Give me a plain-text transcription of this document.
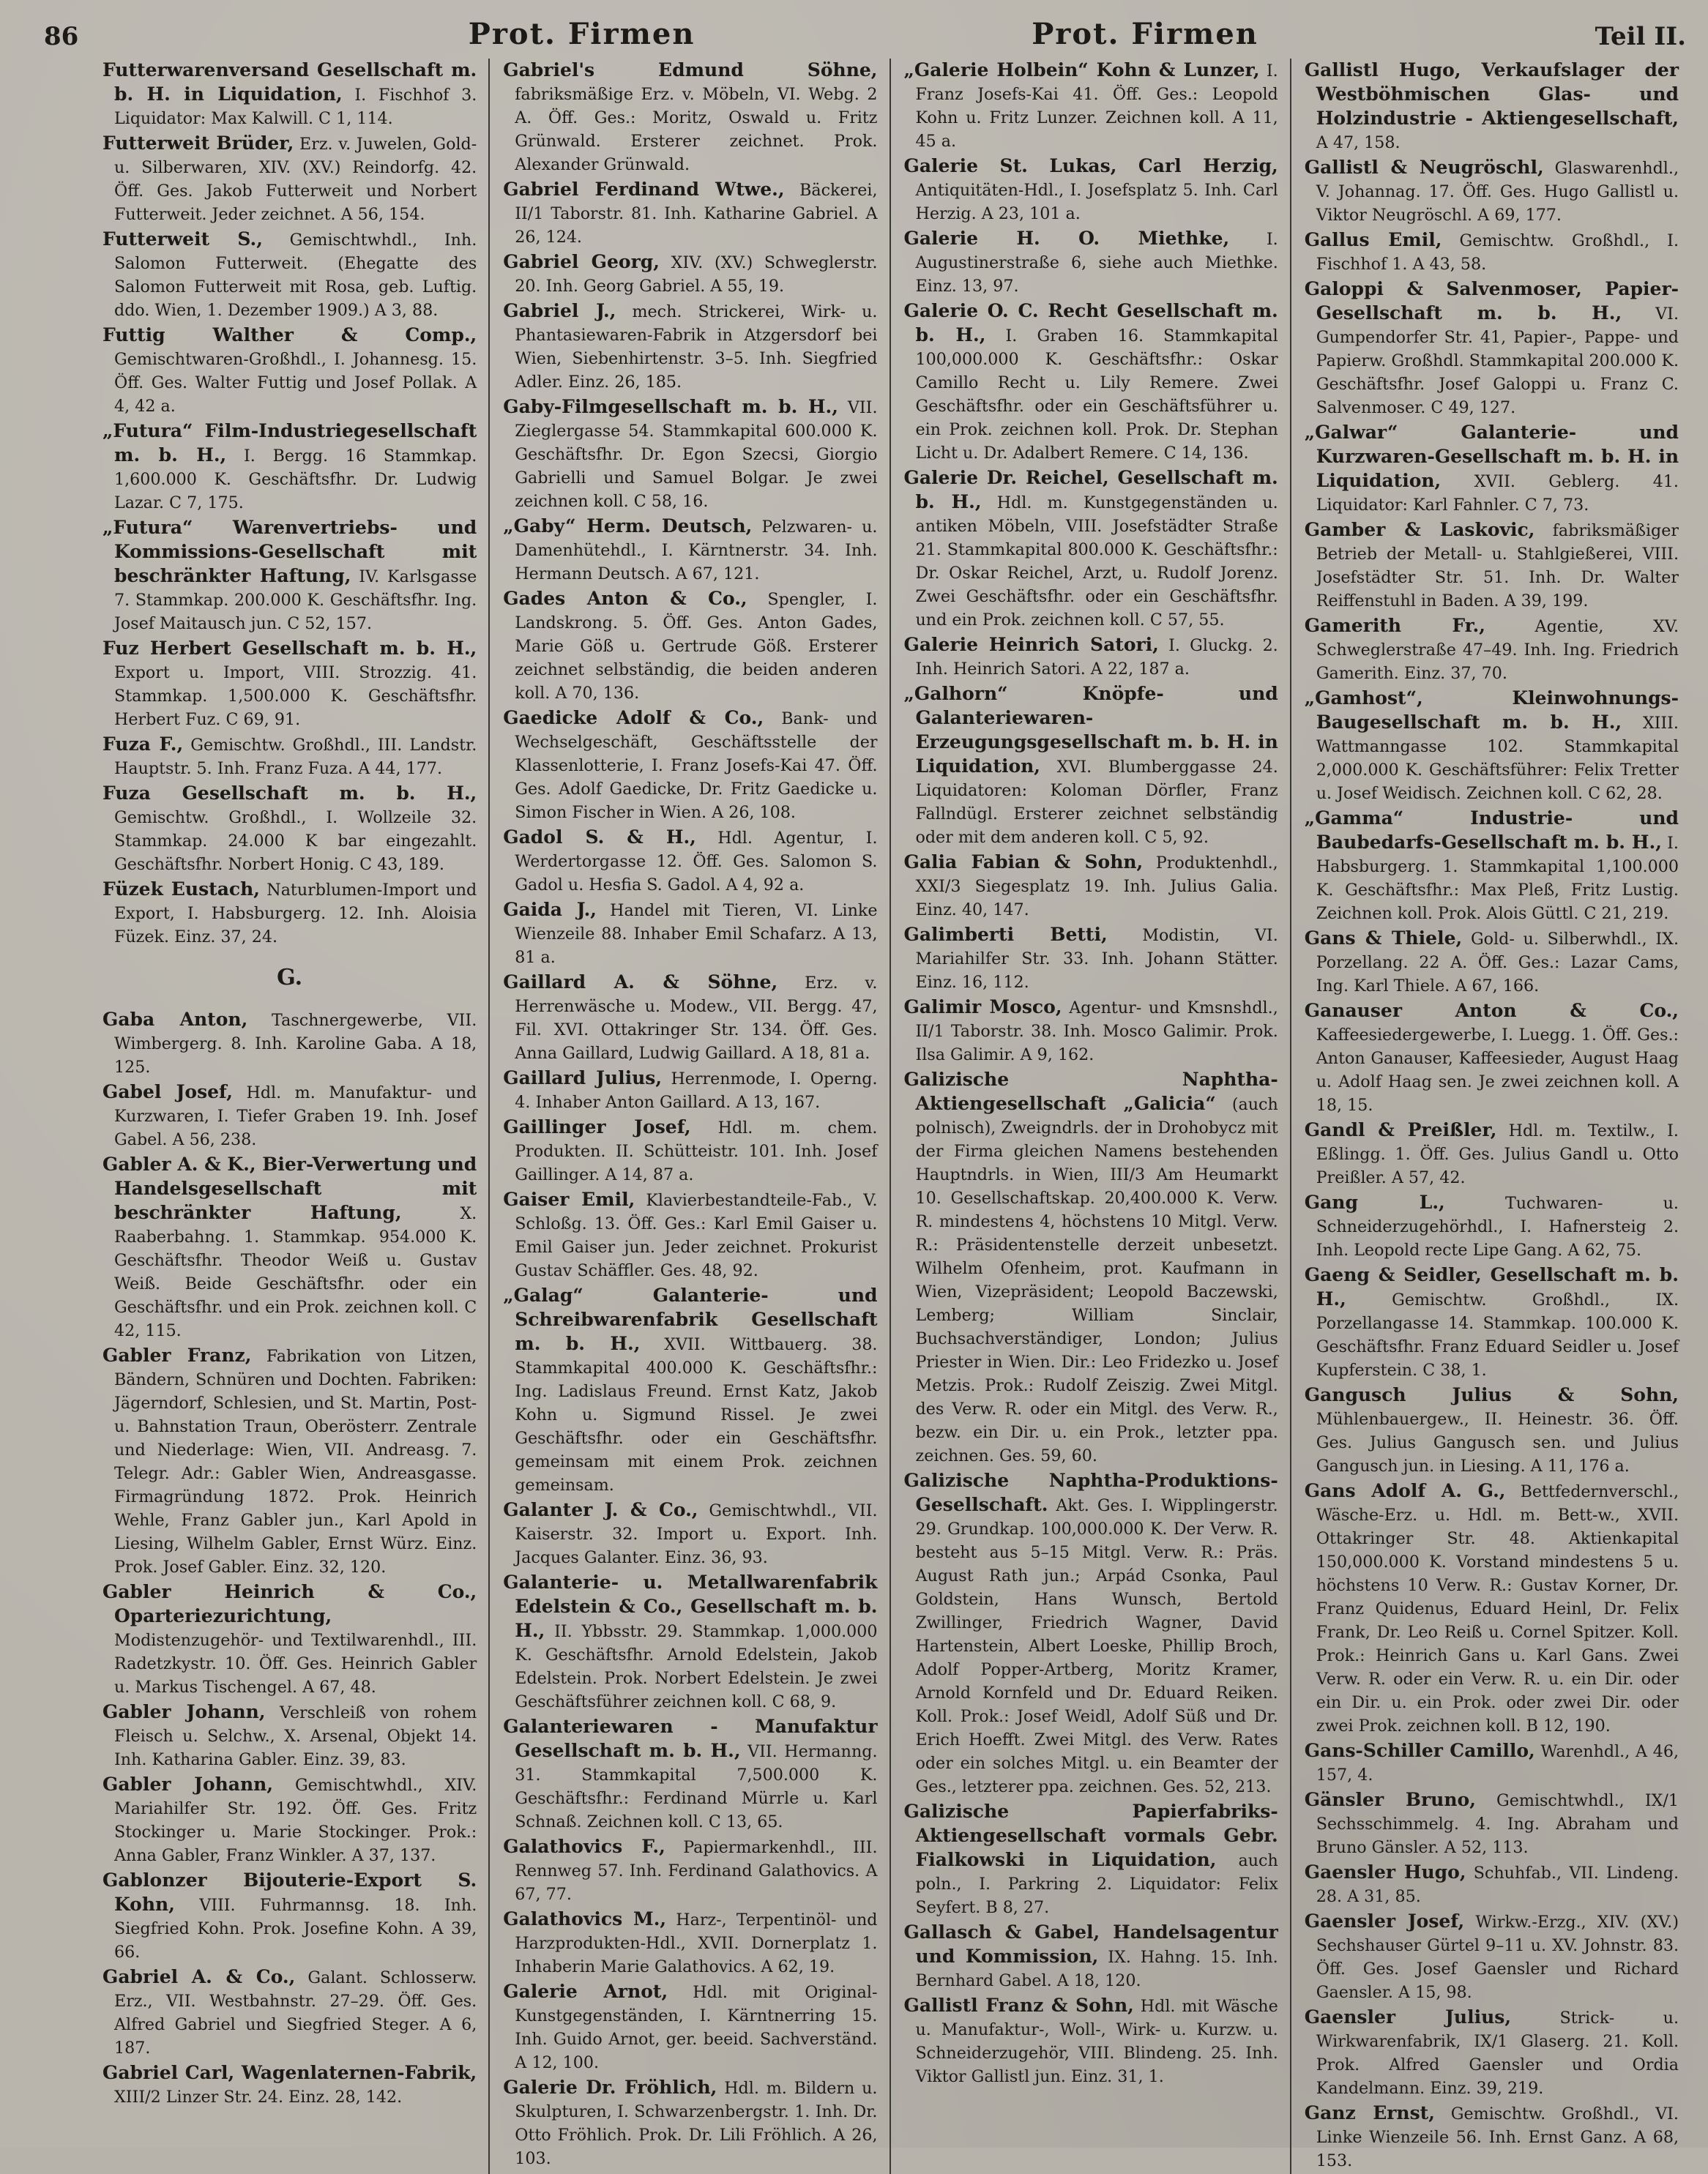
86	Prot. Firmen	Prot. Firmen	Teil II.

Futterwarenversand Gesellschaft m. b. H. in Liquidation, I. Fischhof 3. Liquidator: Max Kalwill. C 1, 114.

Futterweit Brüder, Erz. v. Juwelen, Gold- u. Silberwaren, XIV. (XV.) Reindorfg. 42. Öff. Ges. Jakob Futterweit und Norbert Futterweit. Jeder zeichnet. A 56, 154.

Futterweit S., Gemischtwhdl., Inh. Salomon Futterweit. (Ehegatte des Salomon Futterweit mit Rosa, geb. Luftig. ddo. Wien, 1. Dezember 1909.) A 3, 88.

Futtig Walther & Comp., Gemischtwaren-Großhdl., I. Johannesg. 15. Öff. Ges. Walter Futtig und Josef Pollak. A 4, 42 a.

„Futura“ Film-Industriegesellschaft m. b. H., I. Bergg. 16 Stammkap. 1,600.000 K. Geschäftsfhr. Dr. Ludwig Lazar. C 7, 175.

„Futura“ Warenvertriebs- und Kommissions-Gesellschaft mit beschränkter Haftung, IV. Karlsgasse 7. Stammkap. 200.000 K. Geschäftsfhr. Ing. Josef Maitausch jun. C 52, 157.

Fuz Herbert Gesellschaft m. b. H., Export u. Import, VIII. Strozzig. 41. Stammkap. 1,500.000 K. Geschäftsfhr. Herbert Fuz. C 69, 91.

Fuza F., Gemischtw. Großhdl., III. Landstr. Hauptstr. 5. Inh. Franz Fuza. A 44, 177.

Fuza Gesellschaft m. b. H., Gemischtw. Großhdl., I. Wollzeile 32. Stammkap. 24.000 K bar eingezahlt. Geschäftsfhr. Norbert Honig. C 43, 189.

Füzek Eustach, Naturblumen-Import und Export, I. Habsburgerg. 12. Inh. Aloisia Füzek. Einz. 37, 24.

G.

Gaba Anton, Taschnergewerbe, VII. Wimbergerg. 8. Inh. Karoline Gaba. A 18, 125.

Gabel Josef, Hdl. m. Manufaktur- und Kurzwaren, I. Tiefer Graben 19. Inh. Josef Gabel. A 56, 238.

Gabler A. & K., Bier-Verwertung und Handelsgesellschaft mit beschränkter Haftung,	X. Raaberbahng. 1. Stammkap. 954.000 K. Geschäftsfhr. Theodor Weiß u. Gustav Weiß. Beide Geschäftsfhr. oder ein Geschäftsfhr. und ein Prok. zeichnen koll. C 42, 115.

Gabler Franz, Fabrikation von Litzen, Bändern, Schnüren und Dochten. Fabriken: Jägerndorf, Schlesien, und St. Martin, Post- u. Bahnstation Traun, Oberösterr. Zentrale und Niederlage: Wien, VII. Andreasg. 7. Telegr. Adr.: Gabler Wien, Andreasgasse. Firmagründung 1872. Prok. Heinrich Wehle, Franz Gabler jun., Karl Apold in Liesing, Wilhelm Gabler, Ernst Würz. Einz. Prok. Josef Gabler. Einz. 32, 120.

Gabler Heinrich & Co., Oparteriezurichtung, Modistenzugehör- und Textilwarenhdl., III. Radetzkystr. 10. Öff. Ges. Heinrich Gabler u. Markus Tischengel. A 67, 48.

Gabler Johann, Verschleiß von rohem Fleisch u. Selchw., X. Arsenal, Objekt 14. Inh. Katharina Gabler. Einz. 39, 83.

Gabler Johann, Gemischtwhdl., XIV. Mariahilfer Str. 192. Öff. Ges. Fritz Stockinger u. Marie Stockinger. Prok.: Anna Gabler, Franz Winkler. A 37, 137.

Gablonzer Bijouterie-Export S. Kohn, VIII. Fuhrmannsg. 18. Inh. Siegfried Kohn. Prok. Josefine Kohn. A 39, 66.

Gabriel A. & Co., Galant. Schlosserw. Erz., VII. Westbahnstr. 27–29. Öff. Ges. Alfred Gabriel und Siegfried Steger. A 6, 187.

Gabriel Carl, Wagenlaternen-Fabrik, XIII/2 Linzer Str. 24. Einz. 28, 142.

Gabriel's Edmund Söhne, fabriksmäßige Erz. v. Möbeln, VI. Webg. 2 A. Öff. Ges.: Moritz, Oswald u. Fritz Grünwald. Ersterer zeichnet. Prok. Alexander Grünwald.

Gabriel Ferdinand Wtwe., Bäckerei, II/1 Taborstr. 81. Inh. Katharine Gabriel. A 26, 124.

Gabriel Georg, XIV. (XV.) Schweglerstr. 20. Inh. Georg Gabriel. A 55, 19.

Gabriel J., mech. Strickerei, Wirk- u. Phantasiewaren-Fabrik in Atzgersdorf bei Wien, Siebenhirtenstr. 3–5. Inh. Siegfried Adler. Einz. 26, 185.

Gaby-Filmgesellschaft m. b. H., VII. Zieglergasse 54. Stammkapital 600.000 K. Geschäftsfhr. Dr. Egon Szecsi, Giorgio Gabrielli und Samuel Bolgar. Je zwei zeichnen koll. C 58, 16.

„Gaby“ Herm. Deutsch, Pelzwaren- u. Damenhütehdl., I. Kärntnerstr. 34. Inh. Hermann Deutsch. A 67, 121.

Gades Anton & Co., Spengler, I. Landskrong. 5. Öff. Ges. Anton Gades, Marie Göß u. Gertrude Göß. Ersterer zeichnet selbständig, die beiden anderen koll. A 70, 136.

Gaedicke Adolf & Co., Bank- und Wechselgeschäft, Geschäftsstelle der Klassenlotterie, I. Franz Josefs-Kai 47. Öff. Ges. Adolf Gaedicke, Dr. Fritz Gaedicke u. Simon Fischer in Wien. A 26, 108.

Gadol S. & H., Hdl. Agentur, I. Werdertorgasse 12. Öff. Ges. Salomon S. Gadol u. Hesfia S. Gadol. A 4, 92 a.

Gaida J., Handel mit Tieren, VI. Linke Wienzeile 88. Inhaber Emil Schafarz. A 13, 81 a.

Gaillard A. & Söhne, Erz. v. Herrenwäsche u. Modew., VII. Bergg. 47, Fil. XVI. Ottakringer Str. 134. Öff. Ges. Anna Gaillard, Ludwig Gaillard. A 18, 81 a.

Gaillard Julius, Herrenmode, I. Operng. 4. Inhaber Anton Gaillard. A 13, 167.

Gaillinger Josef, Hdl. m. chem. Produkten. II. Schütteistr. 101. Inh. Josef Gaillinger. A 14, 87 a.

Gaiser Emil, Klavierbestandteile-Fab., V. Schloßg. 13. Öff. Ges.: Karl Emil Gaiser u. Emil Gaiser jun. Jeder zeichnet. Prokurist Gustav Schäffler. Ges. 48, 92.

„Galag“ Galanterie- und Schreibwarenfabrik Gesellschaft m. b. H., XVII. Wittbauerg. 38. Stammkapital 400.000 K. Geschäftsfhr.: Ing. Ladislaus Freund. Ernst Katz, Jakob Kohn u. Sigmund Rissel. Je zwei Geschäftsfhr. oder ein Geschäftsfhr. gemeinsam mit einem Prok. zeichnen gemeinsam.

Galanter J. & Co., Gemischtwhdl., VII. Kaiserstr. 32. Import u. Export. Inh. Jacques Galanter. Einz. 36, 93.

Galanterie- u. Metallwarenfabrik Edelstein & Co., Gesellschaft m. b. H., II. Ybbsstr. 29. Stammkap. 1,000.000 K. Geschäftsfhr. Arnold Edelstein, Jakob Edelstein. Prok. Norbert Edelstein. Je zwei Geschäftsführer zeichnen koll. C 68, 9.

Galanteriewaren - Manufaktur Gesellschaft m. b. H., VII. Hermanng. 31. Stammkapital 7,500.000 K. Geschäftsfhr.: Ferdinand Mürrle u. Karl Schnaß. Zeichnen koll. C 13, 65.

Galathovics F., Papiermarkenhdl., III. Rennweg 57. Inh. Ferdinand Galathovics. A 67, 77.

Galathovics M., Harz-, Terpentinöl- und Harzprodukten-Hdl., XVII. Dornerplatz 1. Inhaberin Marie Galathovics. A 62, 19.

Galerie Arnot, Hdl. mit Original-Kunstgegenständen, I. Kärntnerring 15. Inh. Guido Arnot, ger. beeid. Sachverständ. A 12, 100.

Galerie Dr. Fröhlich, Hdl. m. Bildern u. Skulpturen, I. Schwarzenbergstr. 1. Inh. Dr. Otto Fröhlich. Prok. Dr. Lili Fröhlich. A 26, 103.

„Galerie Holbein“ Kohn & Lunzer, I. Franz Josefs-Kai 41. Öff. Ges.: Leopold Kohn u. Fritz Lunzer. Zeichnen koll. A 11, 45 a.

Galerie St. Lukas, Carl Herzig, Antiquitäten-Hdl., I. Josefsplatz 5. Inh. Carl Herzig. A 23, 101 a.

Galerie H. O. Miethke, I. Augustinerstraße 6, siehe auch Miethke. Einz. 13, 97.

Galerie O. C. Recht Gesellschaft m. b. H., I. Graben 16. Stammkapital 100,000.000 K. Geschäftsfhr.: Oskar Camillo Recht u. Lily Remere. Zwei Geschäftsfhr. oder ein Geschäftsführer u. ein Prok. zeichnen koll. Prok. Dr. Stephan Licht u. Dr. Adalbert Remere. C 14, 136.

Galerie Dr. Reichel, Gesellschaft m. b. H., Hdl. m. Kunstgegenständen u. antiken Möbeln, VIII. Josefstädter Straße 21. Stammkapital 800.000 K. Geschäftsfhr.: Dr. Oskar Reichel, Arzt, u. Rudolf Jorenz. Zwei Geschäftsfhr. oder ein Geschäftsfhr. und ein Prok. zeichnen koll. C 57, 55.

Galerie Heinrich Satori, I. Gluckg. 2. Inh. Heinrich Satori. A 22, 187 a.

„Galhorn“ Knöpfe- und Galanteriewaren-Erzeugungsgesellschaft m. b. H. in Liquidation, XVI. Blumberggasse 24. Liquidatoren: Koloman Dörfler, Franz Fallndügl. Ersterer zeichnet selbständig oder mit dem anderen koll. C 5, 92.

Galia Fabian & Sohn, Produktenhdl., XXI/3 Siegesplatz 19. Inh. Julius Galia. Einz. 40, 147.

Galimberti Betti, Modistin, VI. Mariahilfer Str. 33. Inh. Johann Stätter. Einz. 16, 112.

Galimir Mosco, Agentur- und Kmsnshdl., II/1 Taborstr. 38. Inh. Mosco Galimir. Prok. Ilsa Galimir. A 9, 162.

Galizische Naphtha-Aktiengesellschaft „Galicia“ (auch polnisch), Zweigndrls. der in Drohobycz mit der Firma gleichen Namens bestehenden Hauptndrls. in Wien, III/3 Am Heumarkt 10. Gesellschaftskap. 20,400.000 K. Verw. R. mindestens 4, höchstens 10 Mitgl. Verw. R.: Präsidentenstelle derzeit unbesetzt. Wilhelm Ofenheim, prot. Kaufmann in Wien, Vizepräsident; Leopold Baczewski, Lemberg; William Sinclair, Buchsachverständiger, London; Julius Priester in Wien. Dir.: Leo Fridezko u. Josef Metzis. Prok.: Rudolf Zeiszig. Zwei Mitgl. des Verw. R. oder ein Mitgl. des Verw. R., bezw. ein Dir. u. ein Prok., letzter ppa. zeichnen. Ges. 59, 60.

Galizische Naphtha-Produktions-Gesellschaft. Akt. Ges. I. Wipplingerstr. 29. Grundkap. 100,000.000 K. Der Verw. R. besteht aus 5–15 Mitgl. Verw. R.: Präs. August Rath jun.; Arpád Csonka, Paul Goldstein, Hans Wunsch, Bertold Zwillinger, Friedrich Wagner, David Hartenstein, Albert Loeske, Phillip Broch, Adolf Popper-Artberg, Moritz Kramer, Arnold Kornfeld und Dr. Eduard Reiken. Koll. Prok.: Josef Weidl, Adolf Süß und Dr. Erich Hoefft. Zwei Mitgl. des Verw. Rates oder ein solches Mitgl. u. ein Beamter der Ges., letzterer ppa. zeichnen. Ges. 52, 213.

Galizische Papierfabriks-Aktiengesellschaft vormals Gebr. Fialkowski in Liquidation, auch poln., I. Parkring 2. Liquidator: Felix Seyfert. B 8, 27.

Gallasch & Gabel, Handelsagentur und Kommission, IX. Hahng. 15. Inh. Bernhard Gabel. A 18, 120.

Gallistl Franz & Sohn, Hdl. mit Wäsche u. Manufaktur-, Woll-, Wirk- u. Kurzw. u. Schneiderzugehör, VIII. Blindeng. 25. Inh. Viktor Gallistl jun. Einz. 31, 1.

Gallistl Hugo, Verkaufslager der Westböhmischen Glas- und Holzindustrie - Aktiengesellschaft, A 47, 158.

Gallistl & Neugröschl, Glaswarenhdl., V. Johannag. 17. Öff. Ges. Hugo Gallistl u. Viktor Neugröschl. A 69, 177.

Gallus Emil, Gemischtw. Großhdl., I. Fischhof 1. A 43, 58.

Galoppi & Salvenmoser, Papier-Gesellschaft m. b. H., VI. Gumpendorfer Str. 41, Papier-, Pappe- und Papierw. Großhdl. Stammkapital 200.000 K. Geschäftsfhr. Josef Galoppi u. Franz C. Salvenmoser. C 49, 127.

„Galwar“ Galanterie- und Kurzwaren-Gesellschaft m. b. H. in Liquidation, XVII. Geblerg. 41. Liquidator: Karl Fahnler. C 7, 73.

Gamber & Laskovic, fabriksmäßiger Betrieb der Metall- u. Stahlgießerei, VIII. Josefstädter Str. 51. Inh. Dr. Walter Reiffenstuhl in Baden. A 39, 199.

Gamerith Fr.,	Agentie, XV. Schweglerstraße 47–49. Inh. Ing. Friedrich Gamerith. Einz. 37, 70.

„Gamhost“, Kleinwohnungs-Baugesellschaft m. b. H., XIII. Wattmanngasse 102. Stammkapital 2,000.000 K. Geschäftsführer: Felix Tretter u. Josef Weidisch. Zeichnen koll. C 62, 28.

„Gamma“ Industrie- und Baubedarfs-Gesellschaft m. b. H., I. Habsburgerg. 1. Stammkapital 1,100.000 K. Geschäftsfhr.: Max Pleß, Fritz Lustig. Zeichnen koll. Prok. Alois Güttl. C 21, 219.

Gans & Thiele, Gold- u. Silberwhdl., IX. Porzellang. 22 A. Öff. Ges.: Lazar Cams, Ing. Karl Thiele. A 67, 166.

Ganauser Anton & Co., Kaffeesiedergewerbe, I. Luegg. 1. Öff. Ges.: Anton Ganauser, Kaffeesieder, August Haag u. Adolf Haag sen. Je zwei zeichnen koll. A 18, 15.

Gandl & Preißler, Hdl. m. Textilw., I. Eßlingg. 1. Öff. Ges. Julius Gandl u. Otto Preißler. A 57, 42.

Gang L.,	Tuchwaren- u. Schneiderzugehörhdl., I. Hafnersteig 2. Inh. Leopold recte Lipe Gang. A 62, 75.

Gaeng & Seidler, Gesellschaft m. b. H.,	Gemischtw. Großhdl., IX. Porzellangasse 14. Stammkap. 100.000 K. Geschäftsfhr. Franz Eduard Seidler u. Josef Kupferstein. C 38, 1.

Gangusch Julius & Sohn, Mühlenbauergew., II. Heinestr. 36. Öff. Ges. Julius Gangusch sen. und Julius Gangusch jun. in Liesing. A 11, 176 a.

Gans Adolf A. G., Bettfedernverschl., Wäsche-Erz. u. Hdl. m. Bett-w., XVII. Ottakringer Str. 48. Aktienkapital 150,000.000 K. Vorstand mindestens 5 u. höchstens 10 Verw. R.: Gustav Korner, Dr. Franz Quidenus, Eduard Heinl, Dr. Felix Frank, Dr. Leo Reiß u. Cornel Spitzer. Koll. Prok.: Heinrich Gans u. Karl Gans. Zwei Verw. R. oder ein Verw. R. u. ein Dir. oder ein Dir. u. ein Prok. oder zwei Dir. oder zwei Prok. zeichnen koll. B 12, 190.

Gans-Schiller Camillo, Warenhdl., A 46, 157, 4.

Gänsler Bruno, Gemischtwhdl., IX/1 Sechsschimmelg. 4. Ing. Abraham und Bruno Gänsler. A 52, 113.

Gaensler Hugo, Schuhfab., VII. Lindeng. 28. A 31, 85.

Gaensler Josef, Wirkw.-Erzg., XIV. (XV.) Sechshauser Gürtel 9–11 u. XV. Johnstr. 83. Öff. Ges. Josef Gaensler und Richard Gaensler. A 15, 98.

Gaensler Julius,	Strick- u. Wirkwarenfabrik, IX/1 Glaserg. 21. Koll. Prok. Alfred Gaensler und Ordia Kandelmann. Einz. 39, 219.

Ganz Ernst, Gemischtw. Großhdl., VI. Linke Wienzeile 56. Inh. Ernst Ganz. A 68, 153.
